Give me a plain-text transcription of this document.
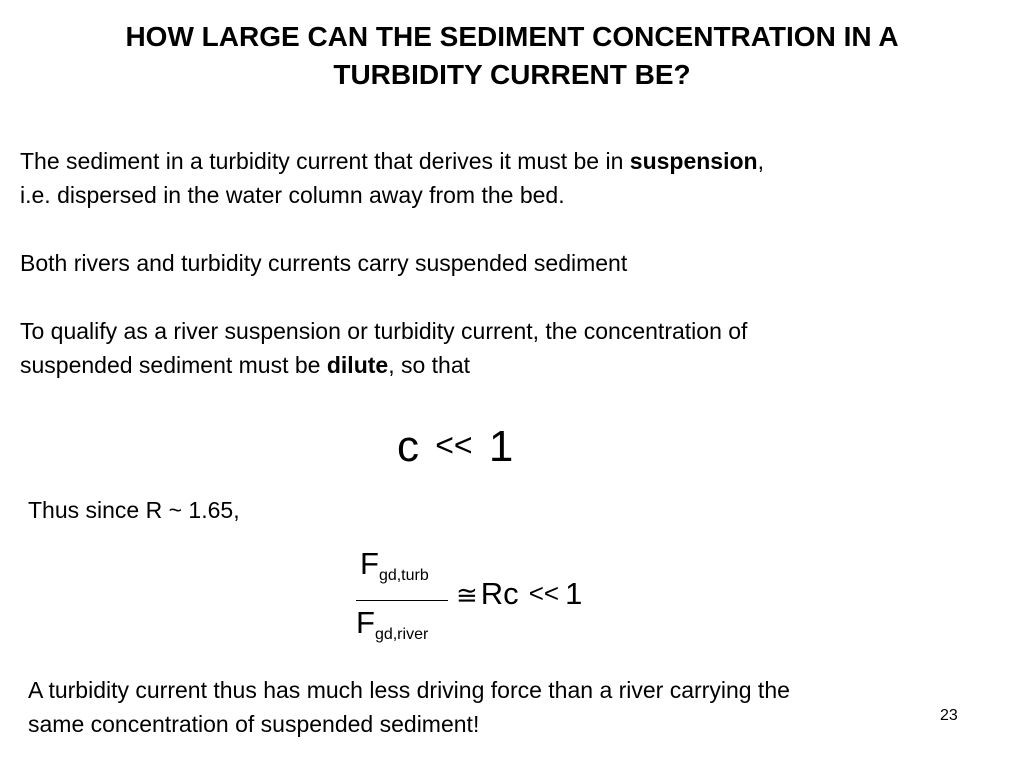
HOW LARGE CAN THE SEDIMENT CONCENTRATION IN A
TURBIDITY CURRENT BE?
The sediment in a turbidity current that derives it must be in suspension,
i.e. dispersed in the water column away from the bed.
Both rivers and turbidity currents carry suspended sediment
To qualify as a river suspension or turbidity current, the concentration of
suspended sediment must be dilute, so that
c << 1
Thus since R ~ 1.65,
$F_{gd,turb}$
$F_{gd,river}$
≅Rc << 1
A turbidity current thus has much less driving force than a river carrying the
same concentration of suspended sediment!	23
